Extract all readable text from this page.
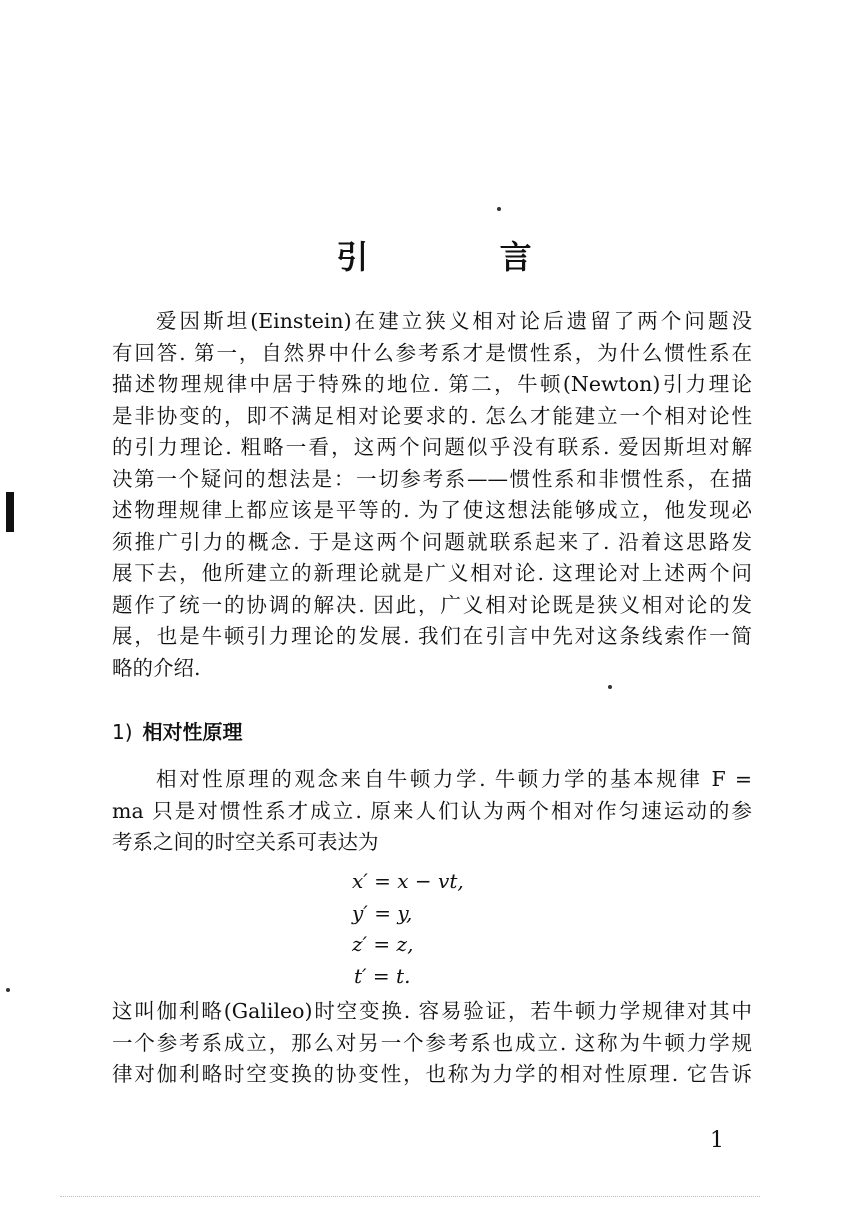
引 言
爱因斯坦(Einstein)在建立狭义相对论后遗留了两个问题没
有回答. 第一，自然界中什么参考系才是惯性系，为什么惯性系在
描述物理规律中居于特殊的地位. 第二，牛顿(Newton)引力理论
是非协变的，即不满足相对论要求的. 怎么才能建立一个相对论性
的引力理论. 粗略一看，这两个问题似乎没有联系. 爱因斯坦对解
决第一个疑问的想法是：一切参考系——惯性系和非惯性系，在描
述物理规律上都应该是平等的. 为了使这想法能够成立，他发现必
须推广引力的概念. 于是这两个问题就联系起来了. 沿着这思路发
展下去，他所建立的新理论就是广义相对论. 这理论对上述两个问
题作了统一的协调的解决. 因此，广义相对论既是狭义相对论的发
展，也是牛顿引力理论的发展. 我们在引言中先对这条线索作一简
略的介绍.
1) 相对性原理
相对性原理的观念来自牛顿力学. 牛顿力学的基本规律 F =
ma 只是对惯性系才成立. 原来人们认为两个相对作匀速运动的参
考系之间的时空关系可表达为
x′ = x − vt,
y′ = y,
z′ = z,
t′ = t.
这叫伽利略(Galileo)时空变换. 容易验证，若牛顿力学规律对其中
一个参考系成立，那么对另一个参考系也成立. 这称为牛顿力学规
律对伽利略时空变换的协变性，也称为力学的相对性原理. 它告诉
1
